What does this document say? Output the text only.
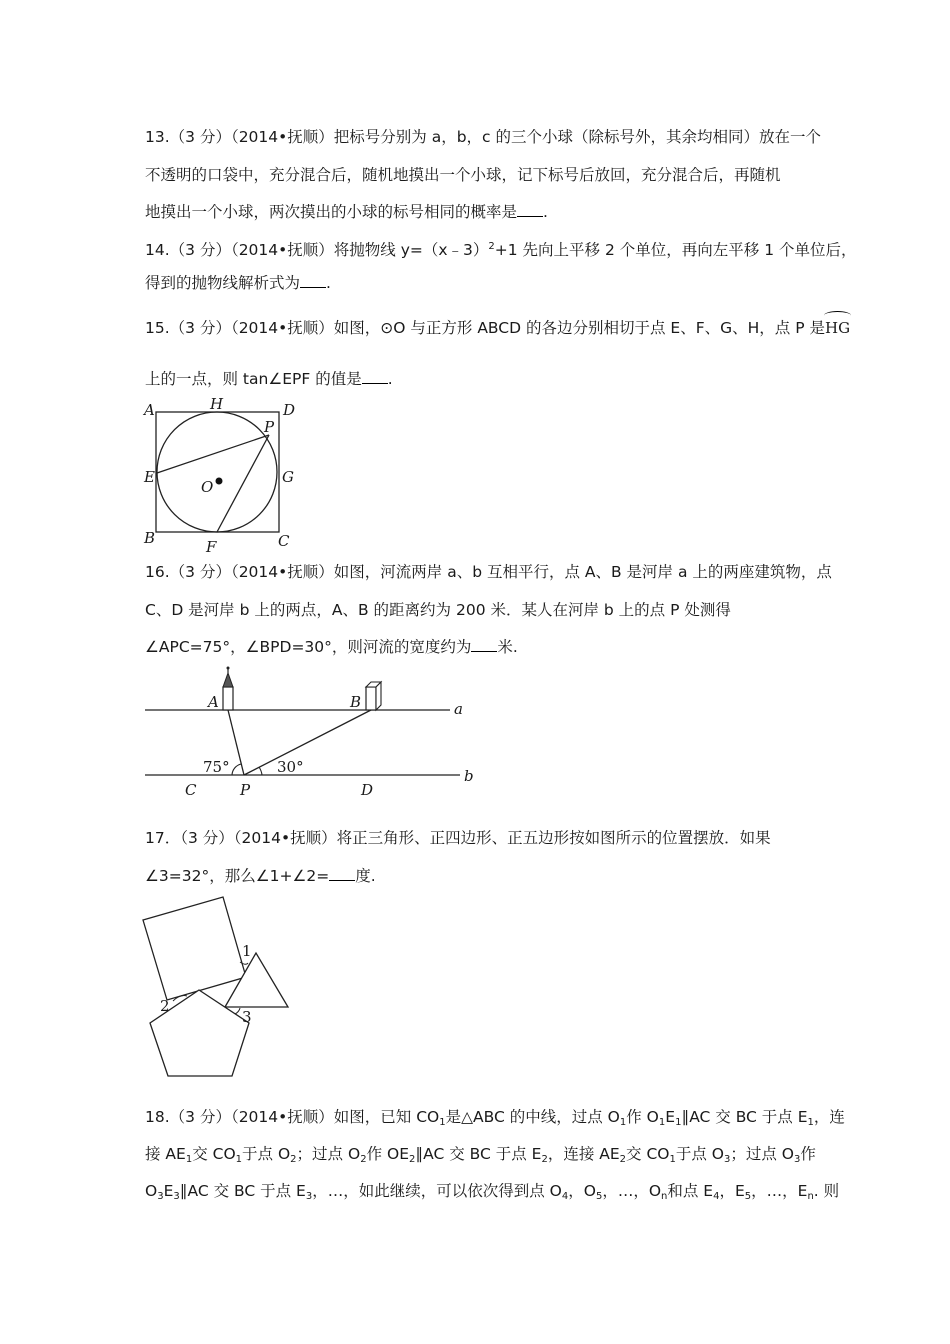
13.（3 分）（2014•抚顺）把标号分别为 a，b，c 的三个小球（除标号外，其余均相同）放在一个
不透明的口袋中，充分混合后，随机地摸出一个小球，记下标号后放回，充分混合后，再随机
地摸出一个小球，两次摸出的小球的标号相同的概率是 .
14.（3 分）（2014•抚顺）将抛物线 y=（x﹣3）$^2$+1 先向上平移 2 个单位，再向左平移 1 个单位后，
得到的抛物线解析式为 .
15.（3 分）（2014•抚顺）如图，⊙O 与正方形 ABCD 的各边分别相切于点 E、F、G、H，点 P 是HG
上的一点，则 tan∠EPF 的值是 .
A	H	D
P
E
O
G
B	F	C
16.（3 分）（2014•抚顺）如图，河流两岸 a、b 互相平行，点 A、B 是河岸 a 上的两座建筑物，点
C、D 是河岸 b 上的两点，A、B 的距离约为 200 米．某人在河岸 b 上的点 P 处测得
∠APC=75°，∠BPD=30°，则河流的宽度约为 米.
A	B	a
b
75°	30°
C	P	D
17．（3 分）（2014•抚顺）将正三角形、正四边形、正五边形按如图所示的位置摆放．如果
∠3=32°，那么∠1+∠2= 度.
1
2
3
18.（3 分）（2014•抚顺）如图，已知 $CO_1$是△ABC 的中线，过点 $O_1$作 $O_1E_1\parallel AC$ 交 BC 于点 $E_1$，连
接 $AE_1$交 $CO_1$于点 $O_2$；过点 $O_2$作 $OE_2\parallel AC$ 交 BC 于点 $E_2$，连接 $AE_2$交 $CO_1$于点 $O_3$；过点 $O_3$作
$O_3E_3\parallel AC$ 交 BC 于点 $E_3$，…，如此继续，可以依次得到点 $O_4$，$O_5$，…，$O_n$和点 $E_4$，$E_5$，…，$E_n$. 则
